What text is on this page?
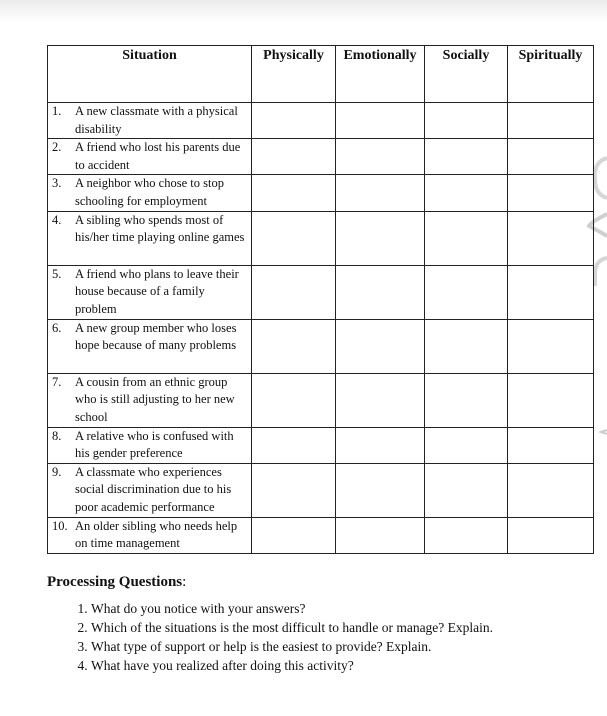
Situation	Physically	Emotionally	Socially	Spiritually

1. A new classmate with a physical disability				

2. A friend who lost his parents due to accident				

3. A neighbor who chose to stop schooling for employment				

4. A sibling who spends most of his/her time playing online games				

5. A friend who plans to leave their house because of a family problem				

6. A new group member who loses hope because of many problems				

7. A cousin from an ethnic group who is still adjusting to her new school				

8. A relative who is confused with his gender preference				

9. A classmate who experiences social discrimination due to his poor academic performance				

10. An older sibling who needs help on time management				

Processing Questions:

1. What do you notice with your answers?
2. Which of the situations is the most difficult to handle or manage? Explain.
3. What type of support or help is the easiest to provide? Explain.
4. What have you realized after doing this activity?
